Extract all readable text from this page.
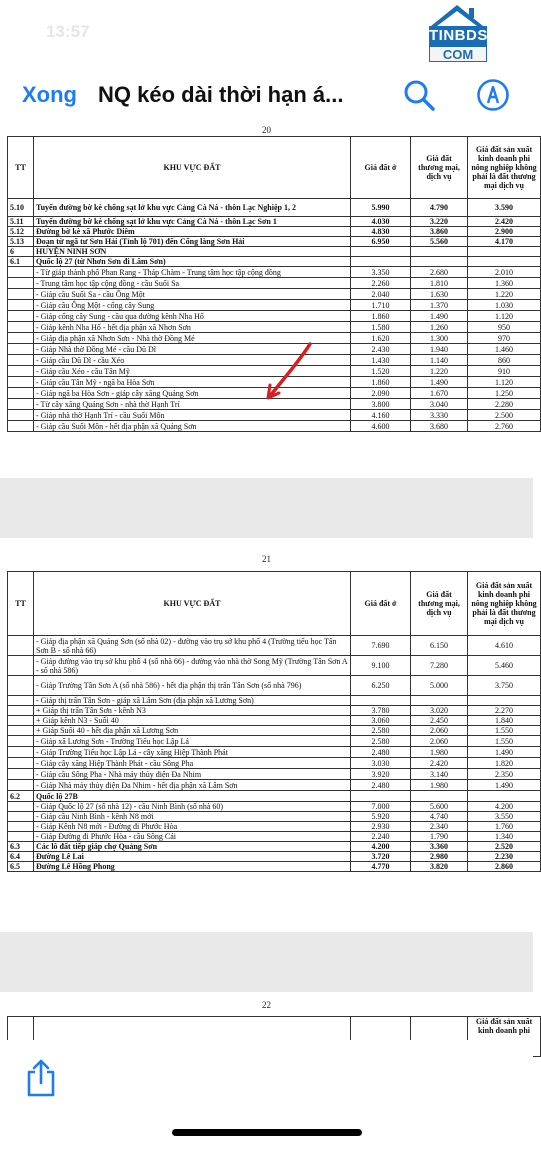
13:57	TINBDS
COM
Xong NQ kéo dài thời hạn á...
20
TT	KHU VỰC ĐẤT	Giá đất ở	Giá đất thương mại, dịch vụ	Giá đất sản xuất kinh doanh phi nông nghiệp không phải là đất thương mại dịch vụ
5.10	Tuyến đường bờ kè chống sạt lở khu vực Cảng Cà Ná - thôn Lạc Nghiệp 1, 2	5.990	4.790	3.590
5.11	Tuyến đường bờ kè chống sạt lở khu vực Cảng Cà Ná - thôn Lạc Sơn 1	4.030	3.220	2.420
5.12	Đường bờ kè xã Phước Diêm	4.830	3.860	2.900
5.13	Đoạn từ ngã tư Sơn Hải (Tỉnh lộ 701) đến Cổng làng Sơn Hải	6.950	5.560	4.170
6	HUYỆN NINH SƠN			
6.1	Quốc lộ 27 (từ Nhơn Sơn đi Lâm Sơn)			
	- Từ giáp thành phố Phan Rang - Tháp Chàm - Trung tâm học tập cộng đồng	3.350	2.680	2.010
	- Trung tâm học tập cộng đồng - cầu Suối Sa	2.260	1.810	1.360
	- Giáp cầu Suối Sa - cầu Ông Một	2.040	1.630	1.220
	- Giáp cầu Ông Một - cổng cây Sung	1.710	1.370	1.030
	- Giáp cổng cây Sung - cầu qua đường kênh Nha Hố	1.860	1.490	1.120
	- Giáp kênh Nha Hố - hết địa phận xã Nhơn Sơn	1.580	1.260	950
	- Giáp địa phận xã Nhơn Sơn - Nhà thờ Đồng Mé	1.620	1.300	970
	- Giáp Nhà thờ Đồng Mé - cầu Dũ Dĩ	2.430	1.940	1.460
	- Giáp cầu Dũ Dĩ - cầu Xéo	1.430	1.140	860
	- Giáp cầu Xéo - cầu Tân Mỹ	1.520	1.220	910
	- Giáp cầu Tân Mỹ - ngã ba Hòa Sơn	1.860	1.490	1.120
	- Giáp ngã ba Hòa Sơn - giáp cây xăng Quảng Sơn	2.090	1.670	1.250
	- Từ cây xăng Quảng Sơn - nhà thờ Hạnh Trí	3.800	3.040	2.280
	- Giáp nhà thờ Hạnh Trí - cầu Suối Môn	4.160	3.330	2.500
	- Giáp cầu Suối Môn - hết địa phận xã Quảng Sơn	4.600	3.680	2.760
21
TT	KHU VỰC ĐẤT	Giá đất ở	Giá đất thương mại, dịch vụ	Giá đất sản xuất kinh doanh phi nông nghiệp không phải là đất thương mại dịch vụ
	- Giáp địa phận xã Quảng Sơn (số nhà 02) - đường vào trụ sở khu phố 4 (Trường tiểu học Tân Sơn B - số nhà 66)	7.690	6.150	4.610
	- Giáp đường vào trụ sở khu phố 4 (số nhà 66) - đường vào nhà thờ Song Mỹ (Trường Tân Sơn A - số nhà 586)	9.100	7.280	5.460
	- Giáp Trường Tân Sơn A (số nhà 586) - hết địa phận thị trấn Tân Sơn (số nhà 796)	6.250	5.000	3.750
	- Giáp thị trấn Tân Sơn - giáp xã Lâm Sơn (địa phận xã Lương Sơn)			
	+ Giáp thị trấn Tân Sơn - kênh N3	3.780	3.020	2.270
	+ Giáp kênh N3 - Suối 40	3.060	2.450	1.840
	+ Giáp Suối 40 - hết địa phận xã Lương Sơn	2.580	2.060	1.550
	- Giáp xã Lương Sơn - Trường Tiểu học Lập Lá	2.580	2.060	1.550
	- Giáp Trường Tiểu học Lập Lá - cây xăng Hiệp Thành Phát	2.480	1.980	1.490
	- Giáp cây xăng Hiệp Thành Phát - cầu Sông Pha	3.030	2.420	1.820
	- Giáp cầu Sông Pha - Nhà máy thủy điện Đa Nhim	3.920	3.140	2.350
	- Giáp Nhà máy thủy điện Đa Nhim - hết địa phận xã Lâm Sơn	2.480	1.980	1.490
6.2	Quốc lộ 27B			
	- Giáp Quốc lộ 27 (số nhà 12) - cầu Ninh Bình (số nhà 60)	7.000	5.600	4.200
	- Giáp cầu Ninh Bình - kênh N8 mới	5.920	4.740	3.550
	- Giáp Kênh N8 mới - Đường đi Phước Hòa	2.930	2.340	1.760
	- Giáp Đường đi Phước Hòa - cầu Sông Cái	2.240	1.790	1.340
6.3	Các lô đất tiếp giáp chợ Quảng Sơn	4.200	3.360	2.520
6.4	Đường Lê Lai	3.720	2.980	2.230
6.5	Đường Lê Hồng Phong	4.770	3.820	2.860
22
				Giá đất sản xuất kinh doanh phi
